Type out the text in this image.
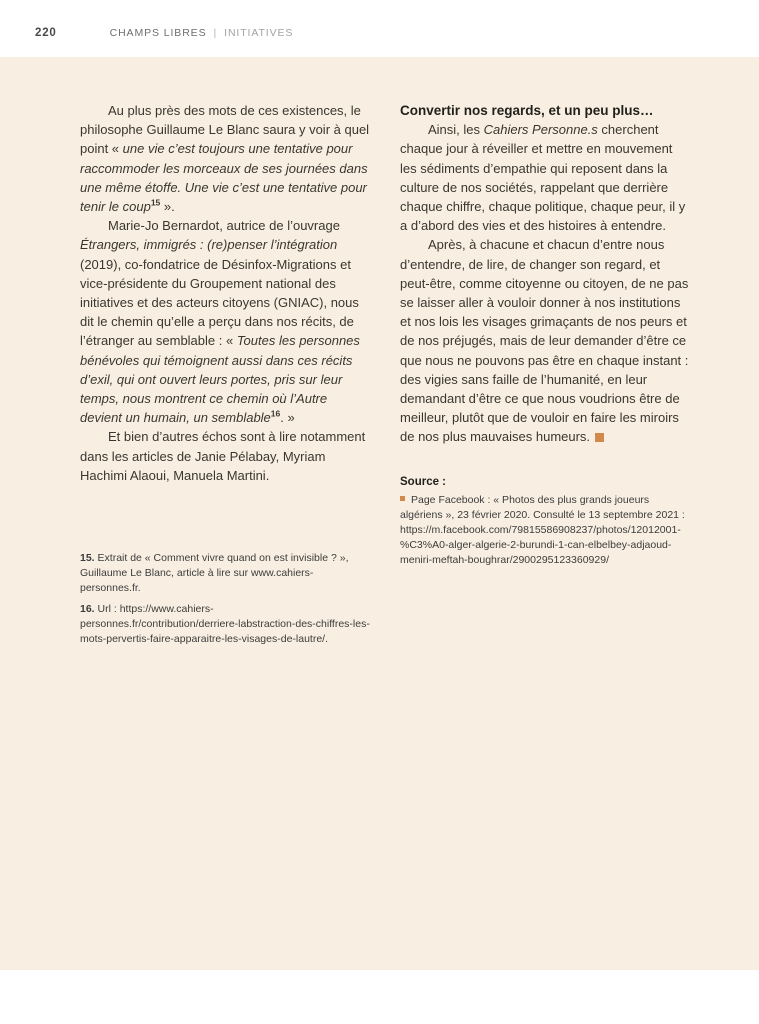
220	CHAMPS LIBRES | INITIATIVES

Au plus près des mots de ces existences, le philosophe Guillaume Le Blanc saura y voir à quel point « une vie c’est toujours une tentative pour raccommoder les morceaux de ses journées dans une même étoffe. Une vie c’est une tentative pour tenir le coup$^{15}$ ».

Marie-Jo Bernardot, autrice de l’ouvrage Étrangers, immigrés : (re)penser l’intégration (2019), co-fondatrice de Désinfox-Migrations et vice-présidente du Groupement national des initiatives et des acteurs citoyens (GNIAC), nous dit le chemin qu’elle a perçu dans nos récits, de l’étranger au semblable : « Toutes les personnes bénévoles qui témoignent aussi dans ces récits d’exil, qui ont ouvert leurs portes, pris sur leur temps, nous montrent ce chemin où l’Autre devient un humain, un semblable$^{16}$. »

Et bien d’autres échos sont à lire notamment dans les articles de Janie Pélabay, Myriam Hachimi Alaoui, Manuela Martini.

15. Extrait de « Comment vivre quand on est invisible ? », Guillaume Le Blanc, article à lire sur www.cahiers-personnes.fr.

16. Url : https://www.cahiers-personnes.fr/contribution/derriere-labstraction-des-chiffres-les-mots-pervertis-faire-apparaitre-les-visages-de-lautre/.

Convertir nos regards, et un peu plus…

Ainsi, les Cahiers Personne.s cherchent chaque jour à réveiller et mettre en mouvement les sédiments d’empathie qui reposent dans la culture de nos sociétés, rappelant que derrière chaque chiffre, chaque politique, chaque peur, il y a d’abord des vies et des histoires à entendre.

Après, à chacune et chacun d’entre nous d’entendre, de lire, de changer son regard, et peut-être, comme citoyenne ou citoyen, de ne pas se laisser aller à vouloir donner à nos institutions et nos lois les visages grimaçants de nos peurs et de nos préjugés, mais de leur demander d’être ce que nous ne pouvons pas être en chaque instant : des vigies sans faille de l’humanité, en leur demandant d’être ce que nous voudrions être de meilleur, plutôt que de vouloir en faire les miroirs de nos plus mauvaises humeurs.

Source :
Page Facebook : « Photos des plus grands joueurs algériens », 23 février 2020. Consulté le 13 septembre 2021 : https://m.facebook.com/79815586908237/photos/12012001-%C3%A0-alger-algerie-2-burundi-1-can-elbelbey-adjaoud-meniri-meftah-boughrar/2900295123360929/
